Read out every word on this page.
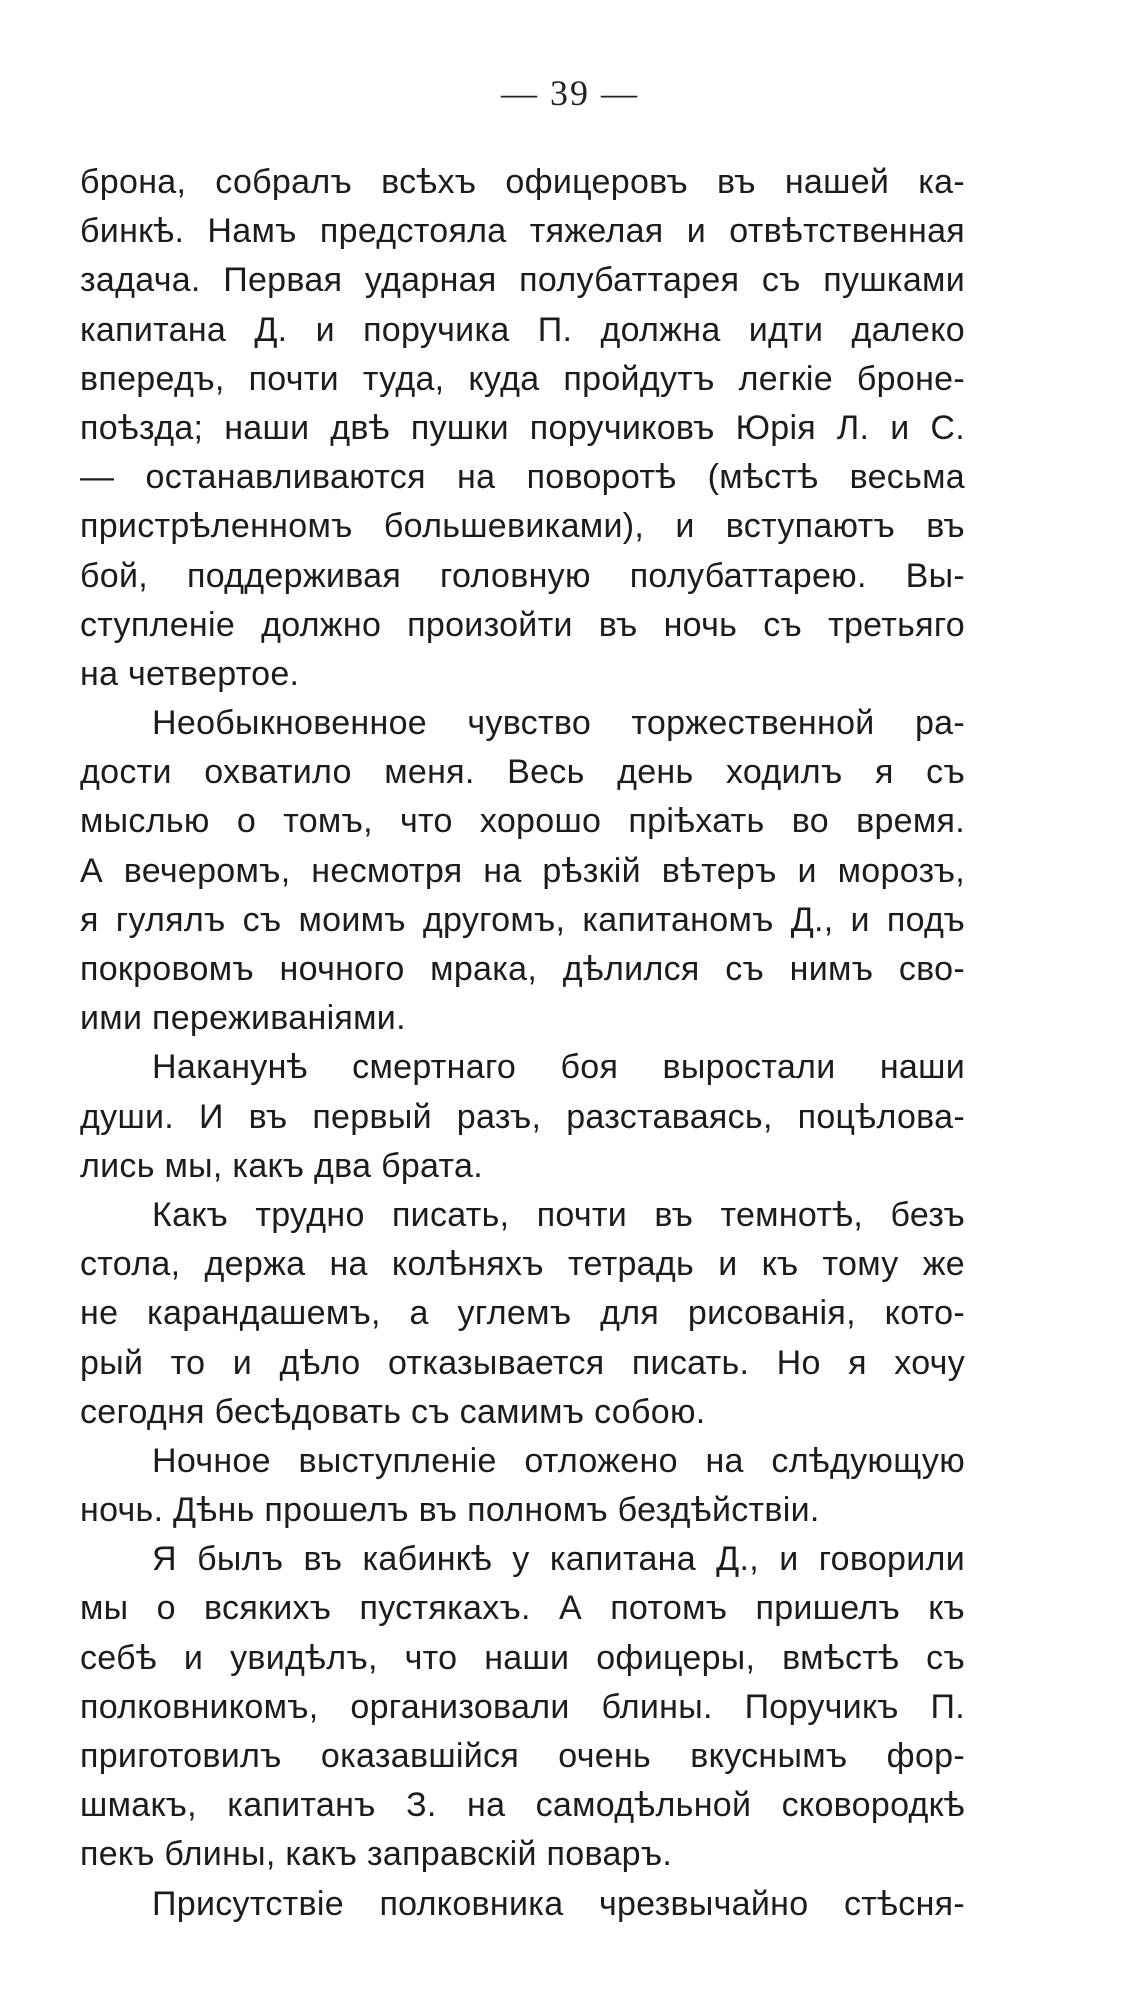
— 39 —
брона, собралъ всѣхъ офицеровъ въ нашей ка-
бинкѣ. Намъ предстояла тяжелая и отвѣтственная
задача. Первая ударная полубаттарея съ пушками
капитана Д. и поручика П. должна идти далеко
впередъ, почти туда, куда пройдутъ легкіе броне-
поѣзда; наши двѣ пушки поручиковъ Юрія Л. и С.
— останавливаются на поворотѣ (мѣстѣ весьма
пристрѣленномъ большевиками), и вступаютъ въ
бой, поддерживая головную полубаттарею. Вы-
ступленіе должно произойти въ ночь съ третьяго
на четвертое.
Необыкновенное чувство торжественной ра-
дости охватило меня. Весь день ходилъ я съ
мыслью о томъ, что хорошо пріѣхать во время.
А вечеромъ, несмотря на рѣзкій вѣтеръ и морозъ,
я гулялъ съ моимъ другомъ, капитаномъ Д., и подъ
покровомъ ночного мрака, дѣлился съ нимъ сво-
ими переживаніями.
Наканунѣ смертнаго боя выростали наши
души. И въ первый разъ, разставаясь, поцѣлова-
лись мы, какъ два брата.
Какъ трудно писать, почти въ темнотѣ, безъ
стола, держа на колѣняхъ тетрадь и къ тому же
не карандашемъ, а углемъ для рисованія, кото-
рый то и дѣло отказывается писать. Но я хочу
сегодня бесѣдовать съ самимъ собою.
Ночное выступленіе отложено на слѣдующую
ночь. Дѣнь прошелъ въ полномъ бездѣйствіи.
Я былъ въ кабинкѣ у капитана Д., и говорили
мы о всякихъ пустякахъ. А потомъ пришелъ къ
себѣ и увидѣлъ, что наши офицеры, вмѣстѣ съ
полковникомъ, организовали блины. Поручикъ П.
приготовилъ оказавшійся очень вкуснымъ фор-
шмакъ, капитанъ З. на самодѣльной сковородкѣ
пекъ блины, какъ заправскій поваръ.
Присутствіе полковника чрезвычайно стѣсня-
